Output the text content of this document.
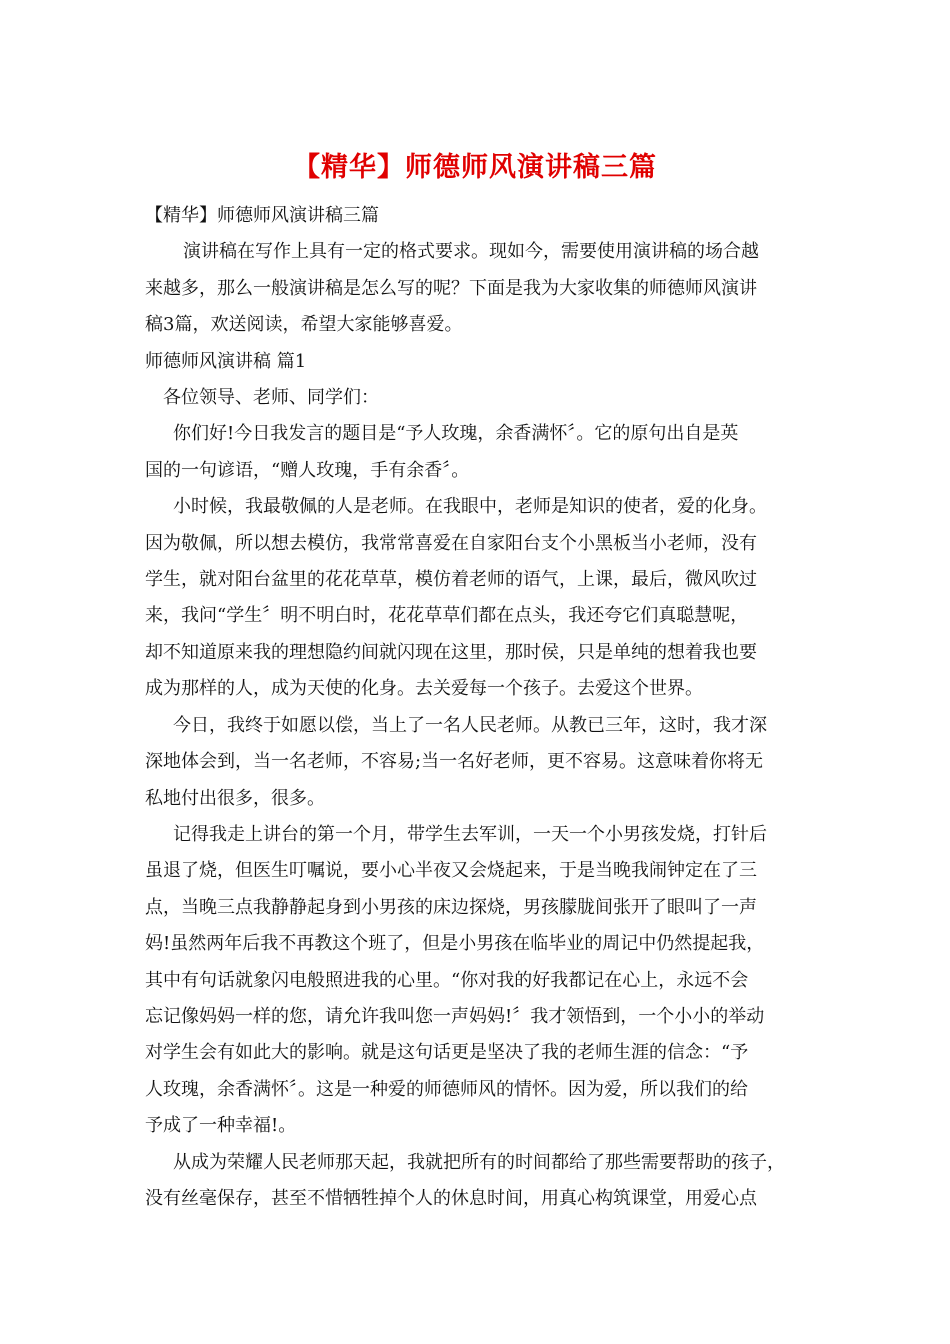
【精华】师德师风演讲稿三篇
【精华】师德师风演讲稿三篇
演讲稿在写作上具有一定的格式要求。现如今，需要使用演讲稿的场合越
来越多，那么一般演讲稿是怎么写的呢？下面是我为大家收集的师德师风演讲
稿3篇，欢送阅读，希望大家能够喜爱。
师德师风演讲稿 篇1
各位领导、老师、同学们：
你们好!今日我发言的题目是“予人玫瑰，余香满怀〞。它的原句出自是英
国的一句谚语，“赠人玫瑰，手有余香〞。
小时候，我最敬佩的人是老师。在我眼中，老师是知识的使者，爱的化身。
因为敬佩，所以想去模仿，我常常喜爱在自家阳台支个小黑板当小老师，没有
学生，就对阳台盆里的花花草草，模仿着老师的语气，上课，最后，微风吹过
来，我问“学生〞明不明白时，花花草草们都在点头，我还夸它们真聪慧呢，
却不知道原来我的理想隐约间就闪现在这里，那时侯，只是单纯的想着我也要
成为那样的人，成为天使的化身。去关爱每一个孩子。去爱这个世界。
今日，我终于如愿以偿，当上了一名人民老师。从教已三年，这时，我才深
深地体会到，当一名老师，不容易;当一名好老师，更不容易。这意味着你将无
私地付出很多，很多。
记得我走上讲台的第一个月，带学生去军训，一天一个小男孩发烧，打针后
虽退了烧，但医生叮嘱说，要小心半夜又会烧起来，于是当晚我闹钟定在了三
点，当晚三点我静静起身到小男孩的床边探烧，男孩朦胧间张开了眼叫了一声
妈!虽然两年后我不再教这个班了，但是小男孩在临毕业的周记中仍然提起我，
其中有句话就象闪电般照进我的心里。“你对我的好我都记在心上，永远不会
忘记像妈妈一样的您，请允许我叫您一声妈妈!〞我才领悟到，一个小小的举动
对学生会有如此大的影响。就是这句话更是坚决了我的老师生涯的信念：“予
人玫瑰，余香满怀〞。这是一种爱的师德师风的情怀。因为爱，所以我们的给
予成了一种幸福!。
从成为荣耀人民老师那天起，我就把所有的时间都给了那些需要帮助的孩子，
没有丝毫保存，甚至不惜牺牲掉个人的休息时间，用真心构筑课堂，用爱心点
